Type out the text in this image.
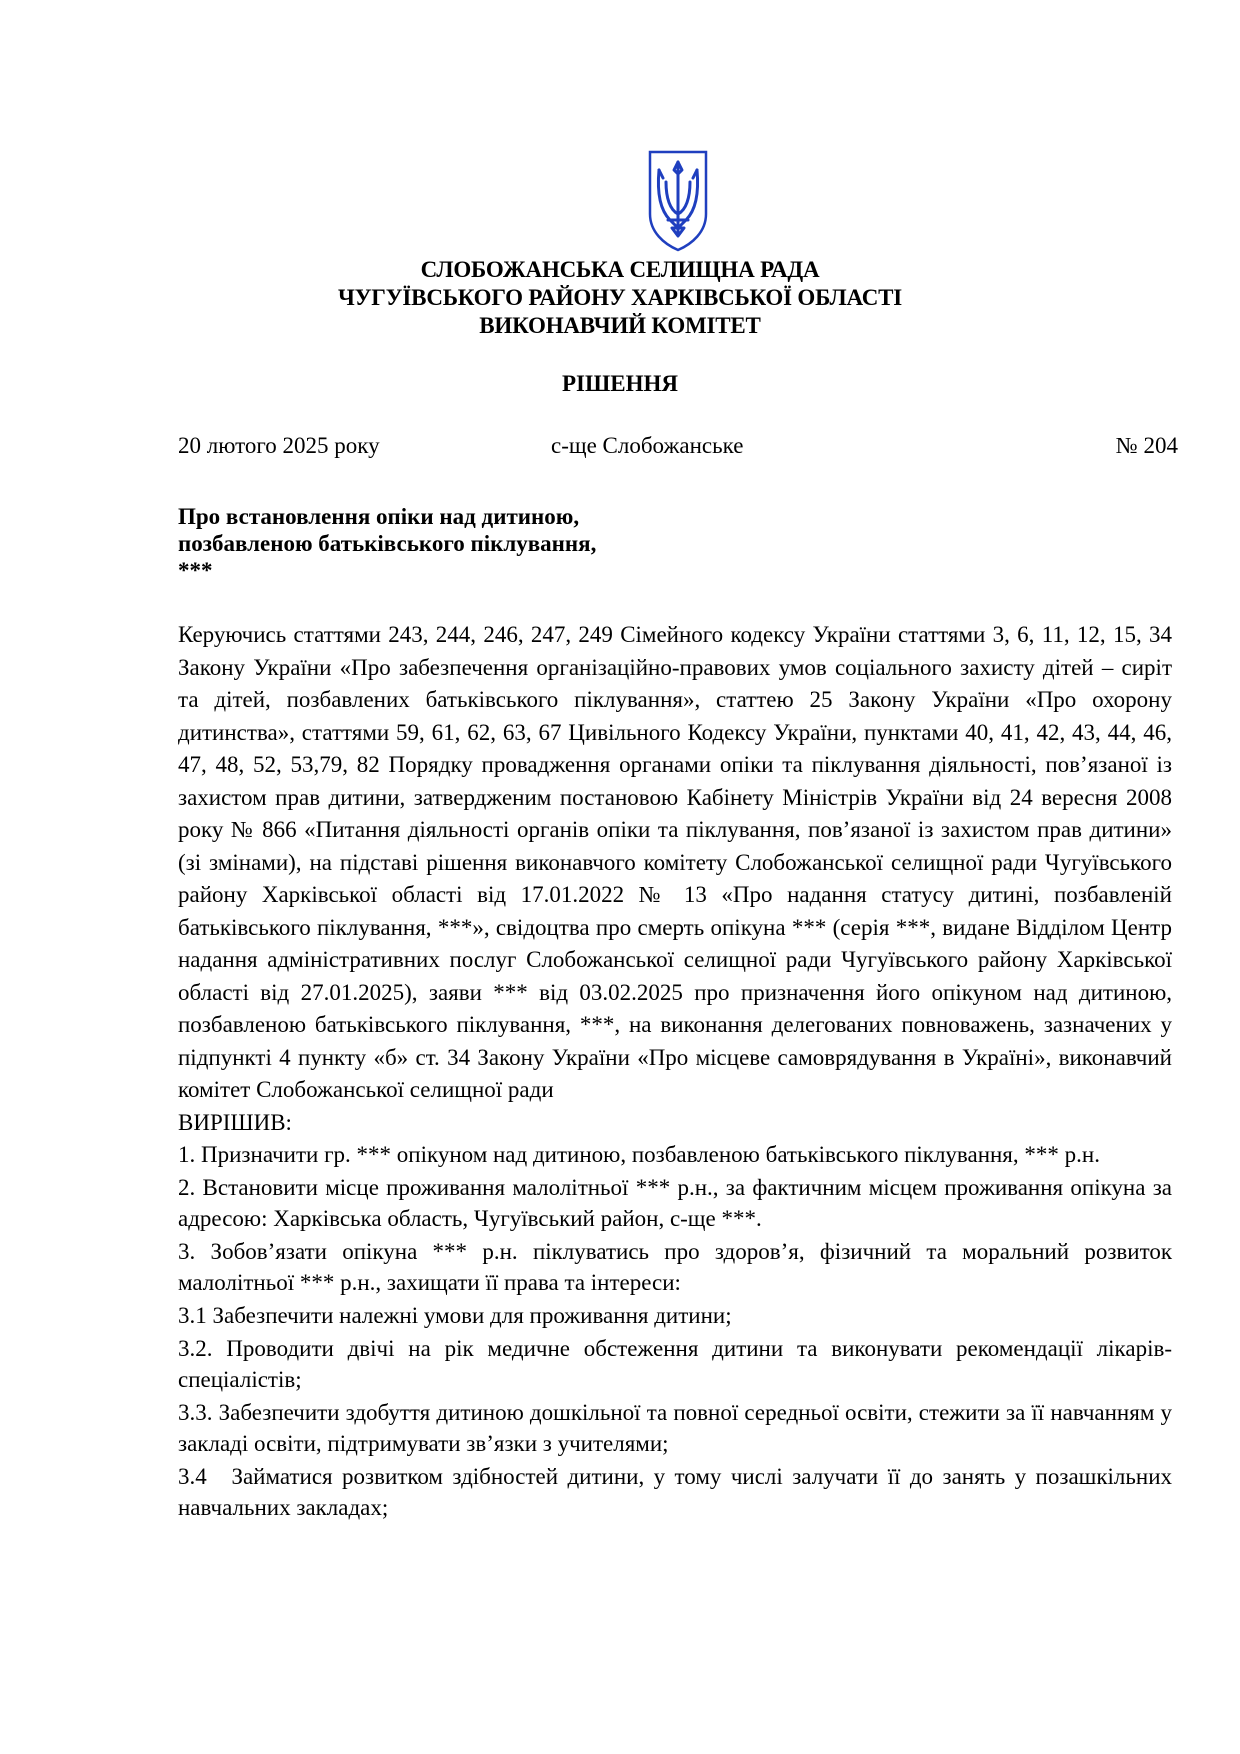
СЛОБОЖАНСЬКА СЕЛИЩНА РАДА
ЧУГУЇВСЬКОГО РАЙОНУ ХАРКІВСЬКОЇ ОБЛАСТІ
ВИКОНАВЧИЙ КОМІТЕТ
РІШЕННЯ
20 лютого 2025 року	с-ще Слобожанське	№ 204
Про встановлення опіки над дитиною,
позбавленою батьківського піклування,
***

Керуючись статтями 243, 244, 246, 247, 249 Сімейного кодексу України статтями 3, 6, 11, 12, 15, 34 Закону України «Про забезпечення організаційно-правових умов соціального захисту дітей – сиріт та дітей, позбавлених батьківського піклування», статтею 25 Закону України «Про охорону дитинства», статтями 59, 61, 62, 63, 67 Цивільного Кодексу України, пунктами 40, 41, 42, 43, 44, 46, 47, 48, 52, 53,79, 82 Порядку провадження органами опіки та піклування діяльності, пов’язаної із захистом прав дитини, затвердженим постановою Кабінету Міністрів України від 24 вересня 2008 року № 866 «Питання діяльності органів опіки та піклування, пов’язаної із захистом прав дитини» (зі змінами), на підставі рішення виконавчого комітету Слобожанської селищної ради Чугуївського району Харківської області від 17.01.2022 № 13 «Про надання статусу дитині, позбавленій батьківського піклування, ***», свідоцтва про смерть опікуна *** (серія ***, видане Відділом Центр надання адміністративних послуг Слобожанської селищної ради Чугуївського району Харківської області від 27.01.2025), заяви *** від 03.02.2025 про призначення його опікуном над дитиною, позбавленою батьківського піклування, ***, на виконання делегованих повноважень, зазначених у підпункті 4 пункту «б» ст. 34 Закону України «Про місцеве самоврядування в Україні», виконавчий комітет Слобожанської селищної ради

ВИРІШИВ:

1. Призначити гр. *** опікуном над дитиною, позбавленою батьківського піклування, *** р.н.

2. Встановити місце проживання малолітньої *** р.н., за фактичним місцем проживання опікуна за адресою: Харківська область, Чугуївський район, с-ще ***.

3. Зобов’язати опікуна *** р.н. піклуватись про здоров’я, фізичний та моральний розвиток малолітньої *** р.н., захищати її права та інтереси:

3.1 Забезпечити належні умови для проживання дитини;

3.2. Проводити двічі на рік медичне обстеження дитини та виконувати рекомендації лікарів-спеціалістів;

3.3. Забезпечити здобуття дитиною дошкільної та повної середньої освіти, стежити за її навчанням у закладі освіти, підтримувати зв’язки з учителями;

3.4 Займатися розвитком здібностей дитини, у тому числі залучати її до занять у позашкільних навчальних закладах;
